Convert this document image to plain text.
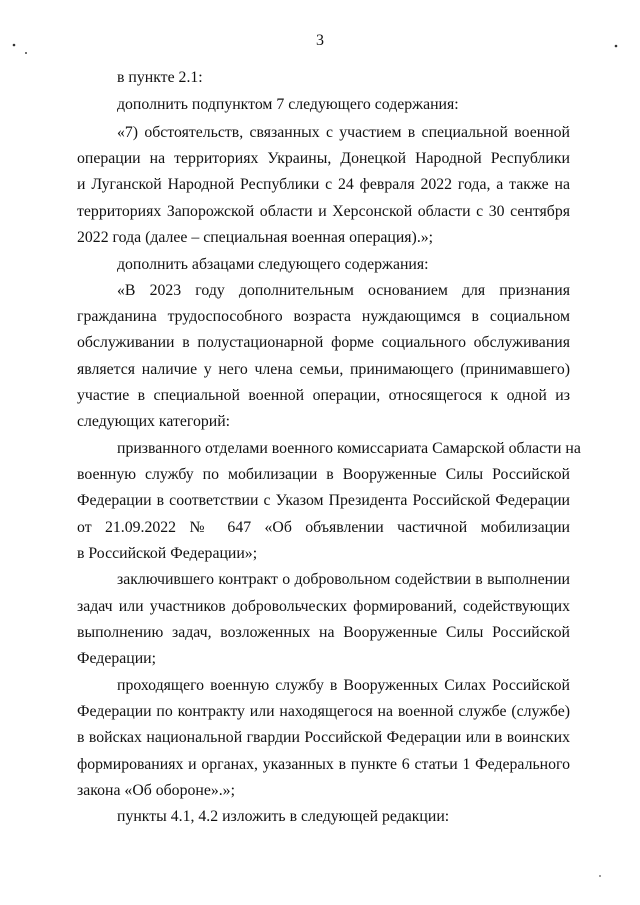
3
в пункте 2.1:
дополнить подпунктом 7 следующего содержания:
«7) обстоятельств, связанных с участием в специальной военной
операции на территориях Украины, Донецкой Народной Республики
и Луганской Народной Республики с 24 февраля 2022 года, а также на
территориях Запорожской области и Херсонской области с 30 сентября
2022 года (далее – специальная военная операция).»;
дополнить абзацами следующего содержания:
«В 2023 году дополнительным основанием для признания
гражданина трудоспособного возраста нуждающимся в социальном
обслуживании в полустационарной форме социального обслуживания
является наличие у него члена семьи, принимающего (принимавшего)
участие в специальной военной операции, относящегося к одной из
следующих категорий:
призванного отделами военного комиссариата Самарской области на
военную службу по мобилизации в Вооруженные Силы Российской
Федерации в соответствии с Указом Президента Российской Федерации
от 21.09.2022 № 647 «Об объявлении частичной мобилизации
в Российской Федерации»;
заключившего контракт о добровольном содействии в выполнении
задач или участников добровольческих формирований, содействующих
выполнению задач, возложенных на Вооруженные Силы Российской
Федерации;
проходящего военную службу в Вооруженных Силах Российской
Федерации по контракту или находящегося на военной службе (службе)
в войсках национальной гвардии Российской Федерации или в воинских
формированиях и органах, указанных в пункте 6 статьи 1 Федерального
закона «Об обороне».»;
пункты 4.1, 4.2 изложить в следующей редакции:
